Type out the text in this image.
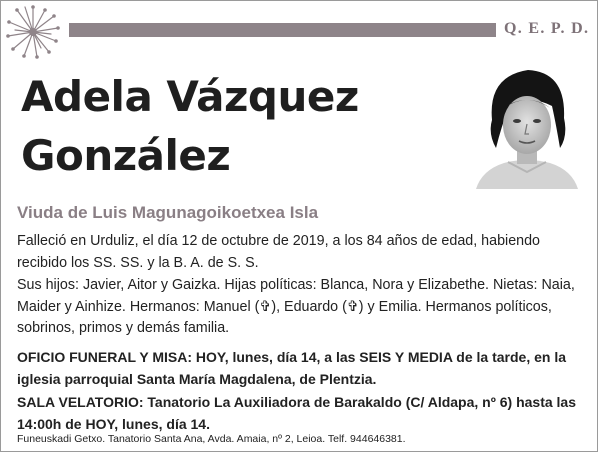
Q. E. P. D.
Adela Vázquez
González
Viuda de Luis Magunagoikoetxea Isla

Falleció en Urduliz, el día 12 de octubre de 2019, a los 84 años de edad, habiendo recibido los SS. SS. y la B. A. de S. S.

Sus hijos: Javier, Aitor y Gaizka. Hijas políticas: Blanca, Nora y Elizabethe. Nietas: Naia, Maider y Ainhize. Hermanos: Manuel (✞), Eduardo (✞) y Emilia. Hermanos políticos, sobrinos, primos y demás familia.

OFICIO FUNERAL Y MISA: HOY, lunes, día 14, a las SEIS Y MEDIA de la tarde, en la iglesia parroquial Santa María Magdalena, de Plentzia.

SALA VELATORIO: Tanatorio La Auxiliadora de Barakaldo (C/ Aldapa, nº 6) hasta las 14:00h de HOY, lunes, día 14.

Funeuskadi Getxo. Tanatorio Santa Ana, Avda. Amaia, nº 2, Leioa. Telf. 944646381.
